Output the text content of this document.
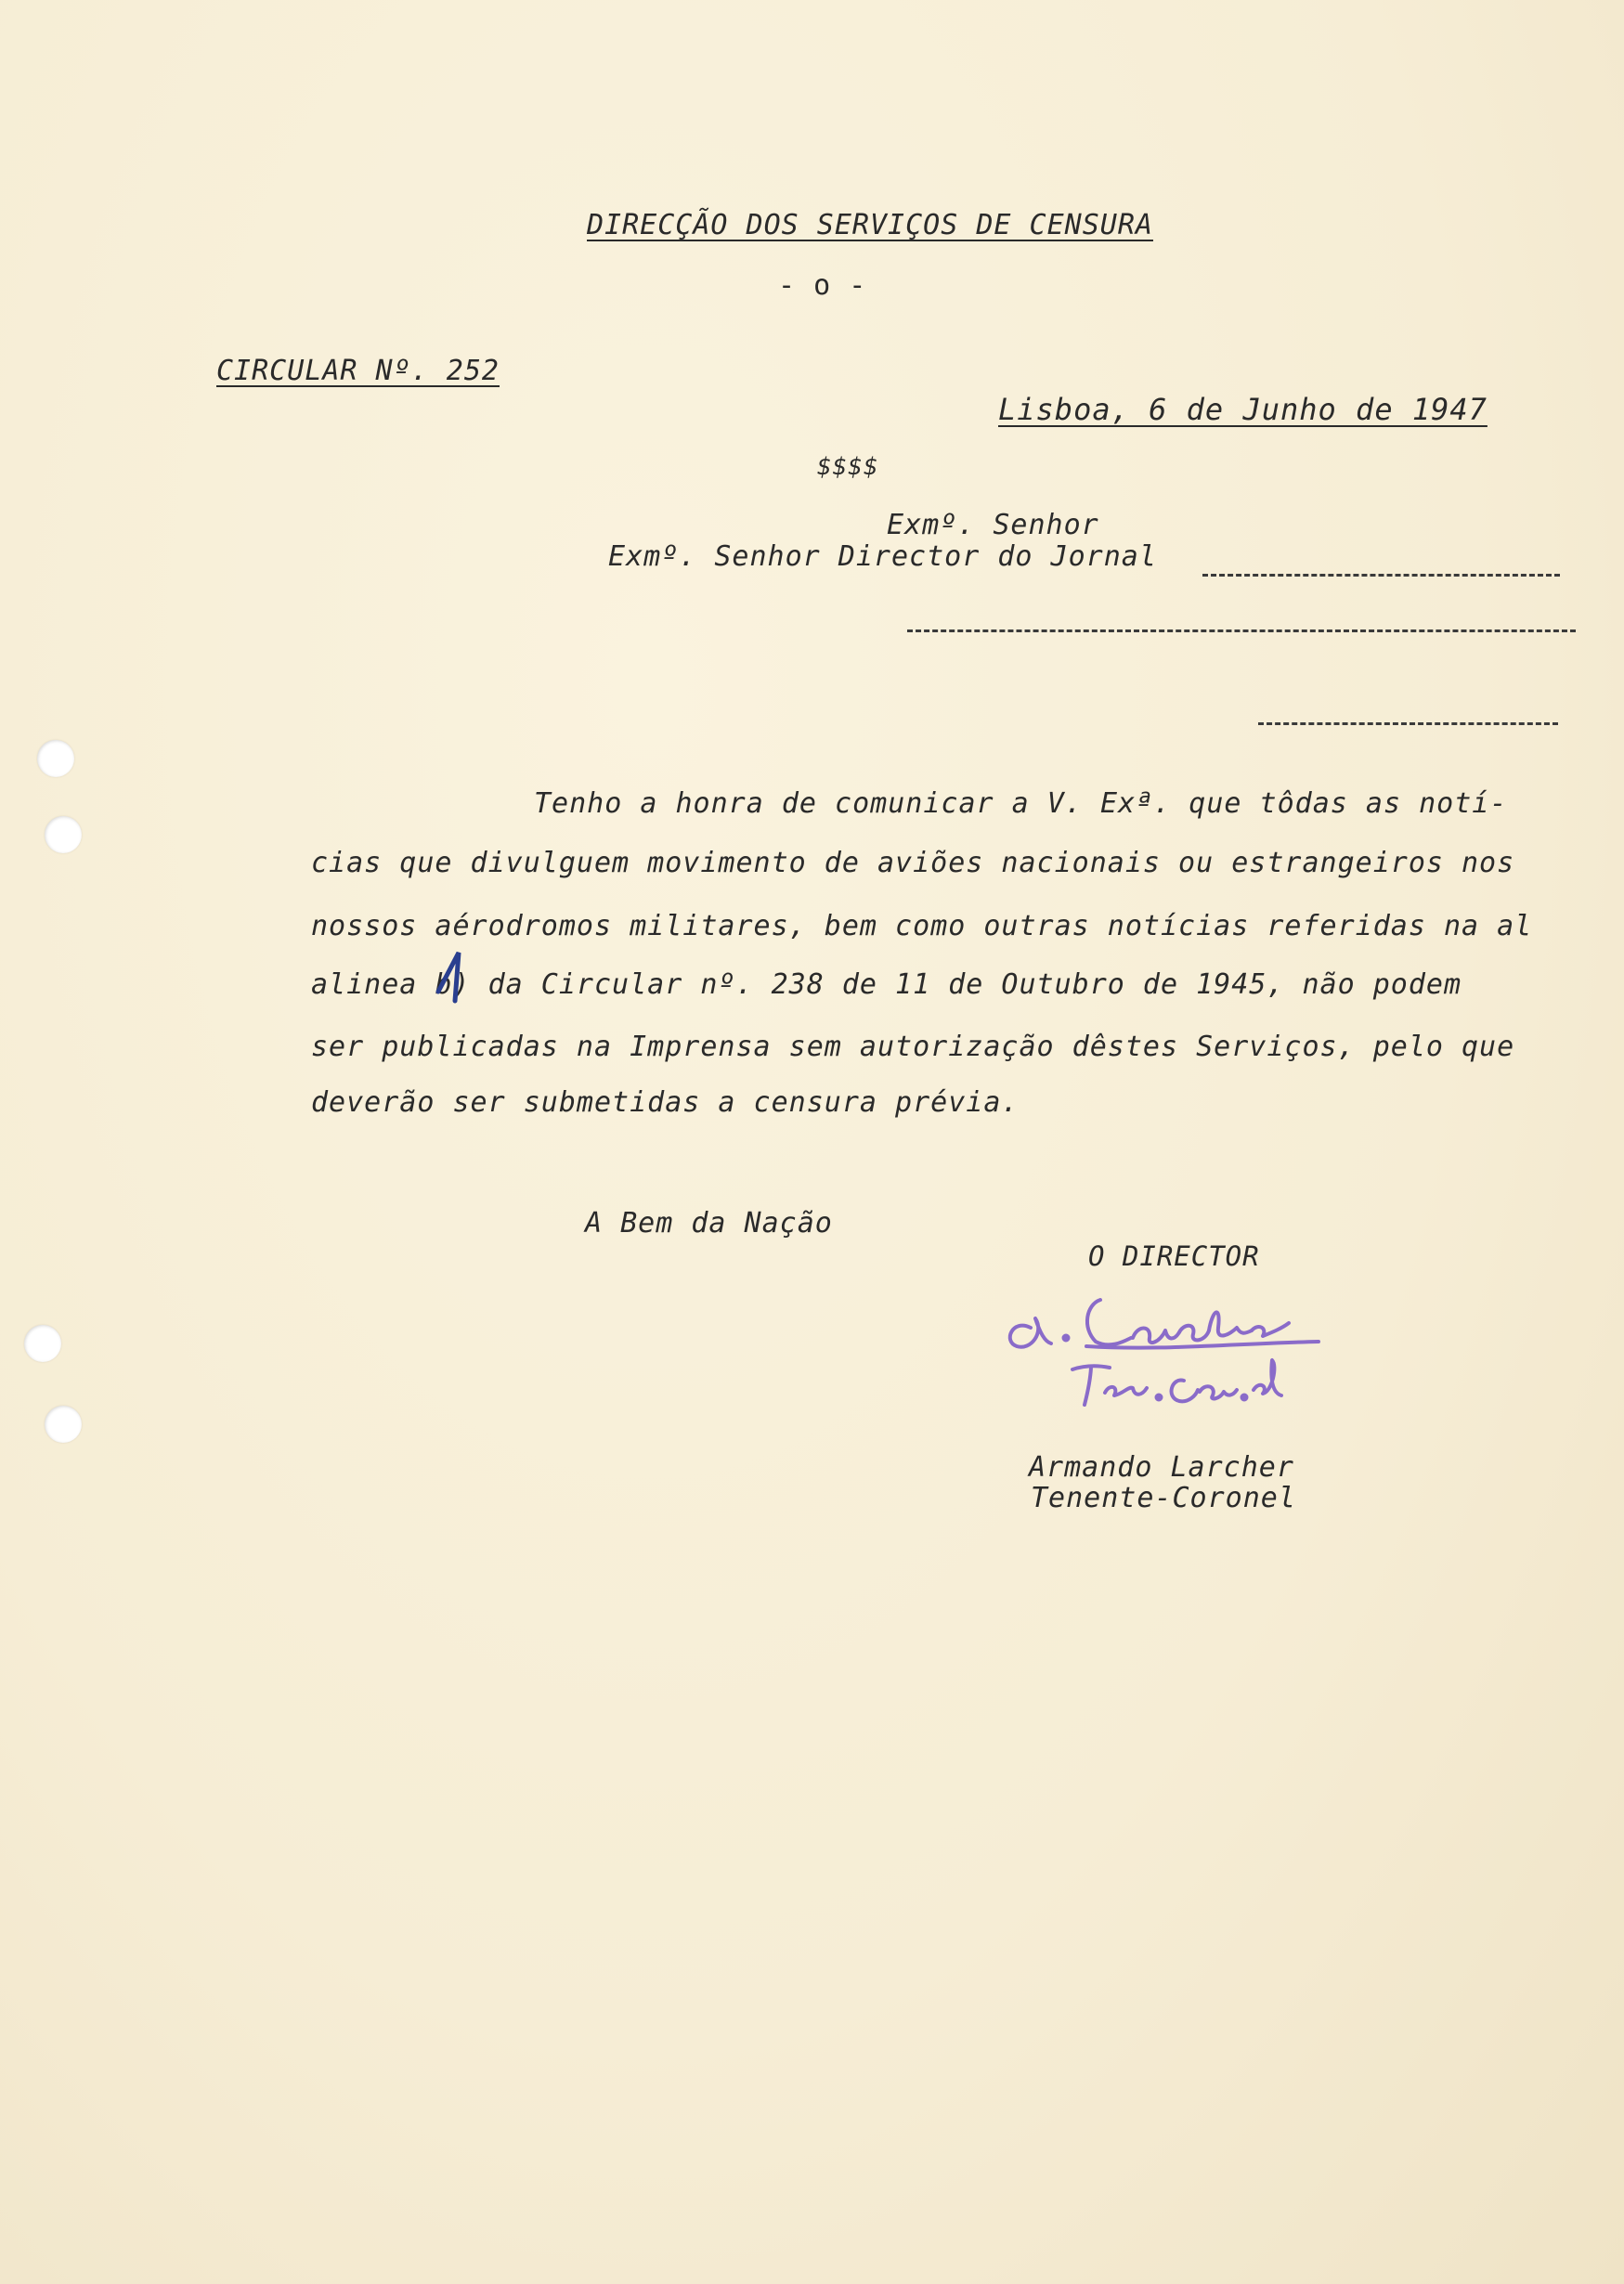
DIRECÇÃO DOS SERVIÇOS DE CENSURA
- o -
CIRCULAR Nº. 252
Lisboa, 6 de Junho de 1947
$$$$
Exmº. Senhor
Exmº. Senhor Director do Jornal
Tenho a honra de comunicar a V. Exª. que tôdas as notí-
cias que divulguem movimento de aviões nacionais ou estrangeiros nos
nossos aérodromos militares, bem como outras notícias referidas na al
alinea b) da Circular nº. 238 de 11 de Outubro de 1945, não podem
ser publicadas na Imprensa sem autorização dêstes Serviços, pelo que
deverão ser submetidas a censura prévia.
A Bem da Nação
O DIRECTOR
Armando Larcher
Tenente-Coronel
